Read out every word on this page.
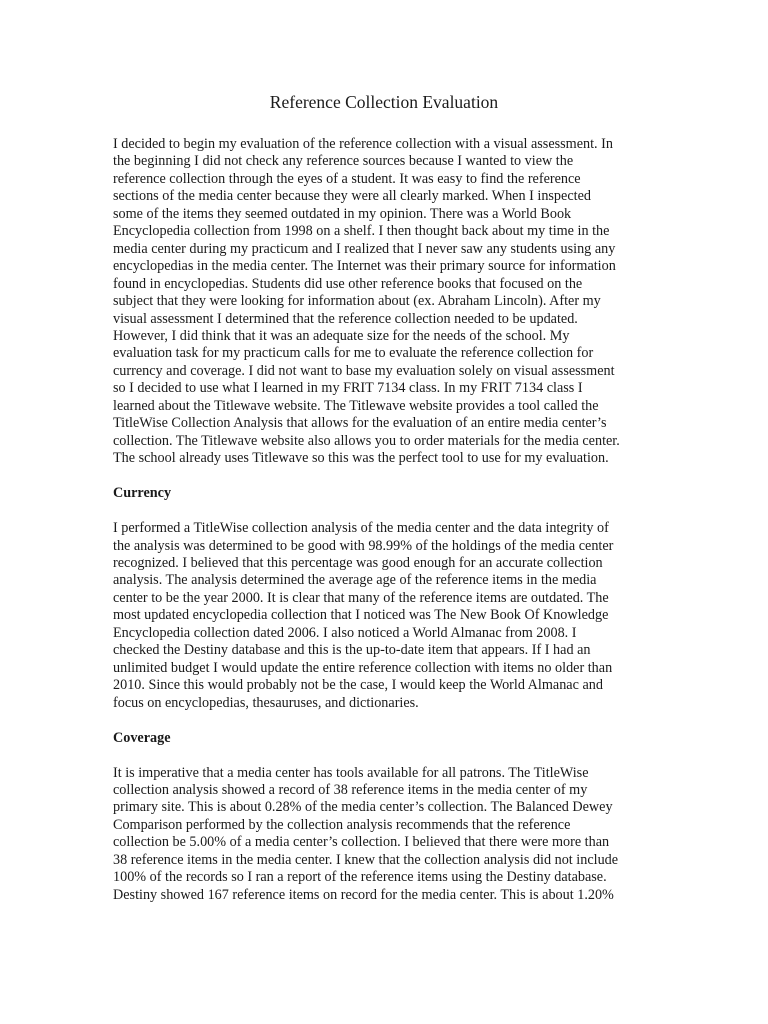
Reference Collection Evaluation

I decided to begin my evaluation of the reference collection with a visual assessment. In
the beginning I did not check any reference sources because I wanted to view the
reference collection through the eyes of a student. It was easy to find the reference
sections of the media center because they were all clearly marked. When I inspected
some of the items they seemed outdated in my opinion. There was a World Book
Encyclopedia collection from 1998 on a shelf. I then thought back about my time in the
media center during my practicum and I realized that I never saw any students using any
encyclopedias in the media center. The Internet was their primary source for information
found in encyclopedias. Students did use other reference books that focused on the
subject that they were looking for information about (ex. Abraham Lincoln). After my
visual assessment I determined that the reference collection needed to be updated.
However, I did think that it was an adequate size for the needs of the school. My
evaluation task for my practicum calls for me to evaluate the reference collection for
currency and coverage. I did not want to base my evaluation solely on visual assessment
so I decided to use what I learned in my FRIT 7134 class. In my FRIT 7134 class I
learned about the Titlewave website. The Titlewave website provides a tool called the
TitleWise Collection Analysis that allows for the evaluation of an entire media center’s
collection. The Titlewave website also allows you to order materials for the media center.
The school already uses Titlewave so this was the perfect tool to use for my evaluation.

Currency

I performed a TitleWise collection analysis of the media center and the data integrity of
the analysis was determined to be good with 98.99% of the holdings of the media center
recognized. I believed that this percentage was good enough for an accurate collection
analysis. The analysis determined the average age of the reference items in the media
center to be the year 2000. It is clear that many of the reference items are outdated. The
most updated encyclopedia collection that I noticed was The New Book Of Knowledge
Encyclopedia collection dated 2006. I also noticed a World Almanac from 2008. I
checked the Destiny database and this is the up-to-date item that appears. If I had an
unlimited budget I would update the entire reference collection with items no older than
2010. Since this would probably not be the case, I would keep the World Almanac and
focus on encyclopedias, thesauruses, and dictionaries.

Coverage

It is imperative that a media center has tools available for all patrons. The TitleWise
collection analysis showed a record of 38 reference items in the media center of my
primary site. This is about 0.28% of the media center’s collection. The Balanced Dewey
Comparison performed by the collection analysis recommends that the reference
collection be 5.00% of a media center’s collection. I believed that there were more than
38 reference items in the media center. I knew that the collection analysis did not include
100% of the records so I ran a report of the reference items using the Destiny database.
Destiny showed 167 reference items on record for the media center. This is about 1.20%
